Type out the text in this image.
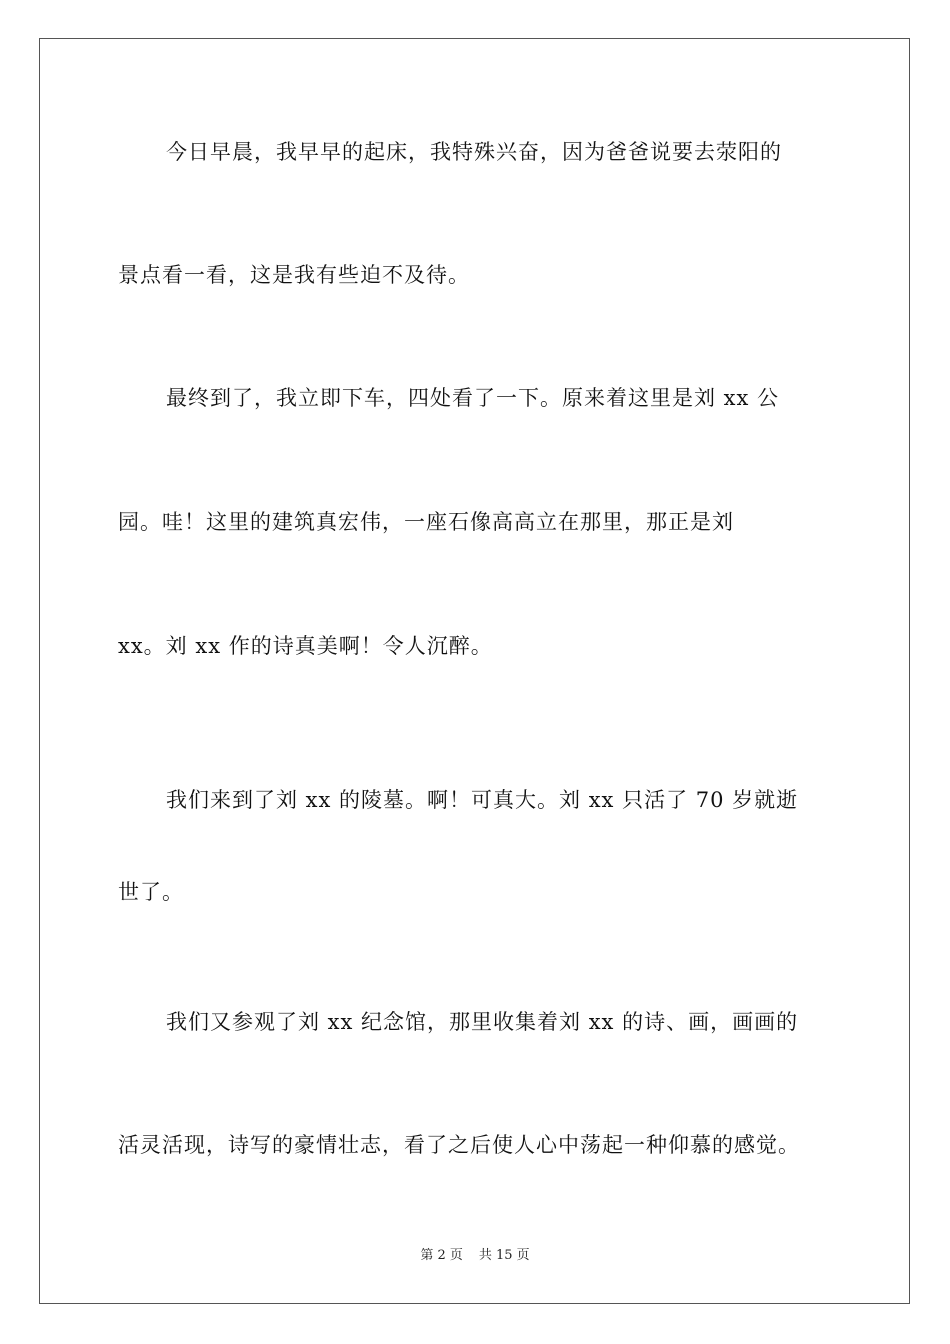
今日早晨，我早早的起床，我特殊兴奋，因为爸爸说要去荥阳的
景点看一看，这是我有些迫不及待。
最终到了，我立即下车，四处看了一下。原来着这里是刘 xx 公
园。哇！这里的建筑真宏伟，一座石像高高立在那里，那正是刘
xx。刘 xx 作的诗真美啊！令人沉醉。
我们来到了刘 xx 的陵墓。啊！可真大。刘 xx 只活了 70 岁就逝
世了。
我们又参观了刘 xx 纪念馆，那里收集着刘 xx 的诗、画，画画的
活灵活现，诗写的豪情壮志，看了之后使人心中荡起一种仰慕的感觉。
第 2 页 共 15 页
